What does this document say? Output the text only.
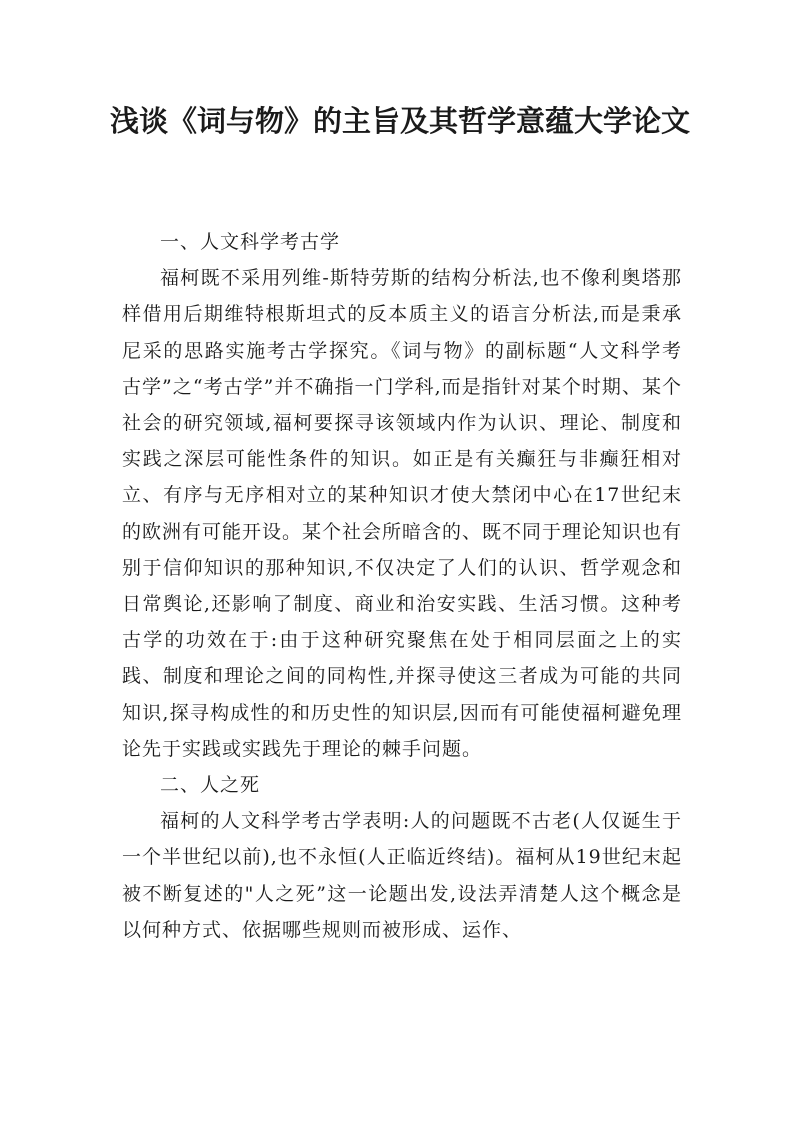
浅谈《词与物》的主旨及其哲学意蕴大学论文

一、人文科学考古学

福柯既不采用列维-斯特劳斯的结构分析法,也不像利奥塔那样借用后期维特根斯坦式的反本质主义的语言分析法,而是秉承尼采的思路实施考古学探究。《词与物》的副标题“人文科学考古学”之“考古学”并不确指一门学科,而是指针对某个时期、某个社会的研究领域,福柯要探寻该领域内作为认识、理论、制度和实践之深层可能性条件的知识。如正是有关癫狂与非癫狂相对立、有序与无序相对立的某种知识才使大禁闭中心在17世纪末的欧洲有可能开设。某个社会所暗含的、既不同于理论知识也有别于信仰知识的那种知识,不仅决定了人们的认识、哲学观念和日常舆论,还影响了制度、商业和治安实践、生活习惯。这种考古学的功效在于:由于这种研究聚焦在处于相同层面之上的实践、制度和理论之间的同构性,并探寻使这三者成为可能的共同知识,探寻构成性的和历史性的知识层,因而有可能使福柯避免理论先于实践或实践先于理论的棘手问题。

二、人之死

福柯的人文科学考古学表明:人的问题既不古老(人仅诞生于一个半世纪以前),也不永恒(人正临近终结)。福柯从19世纪末起被不断复述的"人之死”这一论题出发,设法弄清楚人这个概念是以何种方式、依据哪些规则而被形成、运作、
